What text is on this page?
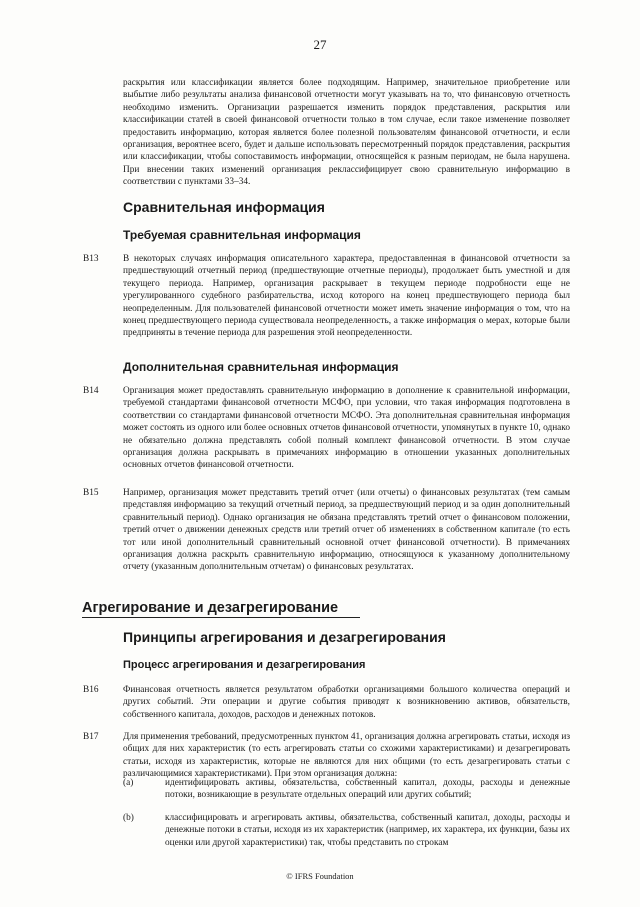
27

раскрытия или классификации является более подходящим. Например, значительное приобретение или выбытие либо результаты анализа финансовой отчетности могут указывать на то, что финансовую отчетность необходимо изменить. Организации разрешается изменить порядок представления, раскрытия или классификации статей в своей финансовой отчетности только в том случае, если такое изменение позволяет предоставить информацию, которая является более полезной пользователям финансовой отчетности, и если организация, вероятнее всего, будет и дальше использовать пересмотренный порядок представления, раскрытия или классификации, чтобы сопоставимость информации, относящейся к разным периодам, не была нарушена. При внесении таких изменений организация реклассифицирует свою сравнительную информацию в соответствии с пунктами 33–34.

Сравнительная информация
Требуемая сравнительная информация
B13	В некоторых случаях информация описательного характера, предоставленная в финансовой отчетности за предшествующий отчетный период (предшествующие отчетные периоды), продолжает быть уместной и для текущего периода. Например, организация раскрывает в текущем периоде подробности еще не урегулированного судебного разбирательства, исход которого на конец предшествующего периода был неопределенным. Для пользователей финансовой отчетности может иметь значение информация о том, что на конец предшествующего периода существовала неопределенность, а также информация о мерах, которые были предприняты в течение периода для разрешения этой неопределенности.

Дополнительная сравнительная информация
B14	Организация может предоставлять сравнительную информацию в дополнение к сравнительной информации, требуемой стандартами финансовой отчетности МСФО, при условии, что такая информация подготовлена в соответствии со стандартами финансовой отчетности МСФО. Эта дополнительная сравнительная информация может состоять из одного или более основных отчетов финансовой отчетности, упомянутых в пункте 10, однако не обязательно должна представлять собой полный комплект финансовой отчетности. В этом случае организация должна раскрывать в примечаниях информацию в отношении указанных дополнительных основных отчетов финансовой отчетности.

B15	Например, организация может представить третий отчет (или отчеты) о финансовых результатах (тем самым представляя информацию за текущий отчетный период, за предшествующий период и за один дополнительный сравнительный период). Однако организация не обязана представлять третий отчет о финансовом положении, третий отчет о движении денежных средств или третий отчет об изменениях в собственном капитале (то есть тот или иной дополнительный сравнительный основной отчет финансовой отчетности). В примечаниях организация должна раскрыть сравнительную информацию, относящуюся к указанному дополнительному отчету (указанным дополнительным отчетам) о финансовых результатах.

Агрегирование и дезагрегирование
Принципы агрегирования и дезагрегирования
Процесс агрегирования и дезагрегирования
B16	Финансовая отчетность является результатом обработки организациями большого количества операций и других событий. Эти операции и другие события приводят к возникновению активов, обязательств, собственного капитала, доходов, расходов и денежных потоков.

B17	Для применения требований, предусмотренных пунктом 41, организация должна агрегировать статьи, исходя из общих для них характеристик (то есть агрегировать статьи со схожими характеристиками) и дезагрегировать статьи, исходя из характеристик, которые не являются для них общими (то есть дезагрегировать статьи с различающимися характеристиками). При этом организация должна:

(a)	идентифицировать активы, обязательства, собственный капитал, доходы, расходы и денежные потоки, возникающие в результате отдельных операций или других событий;

(b)	классифицировать и агрегировать активы, обязательства, собственный капитал, доходы, расходы и денежные потоки в статьи, исходя из их характеристик (например, их характера, их функции, базы их оценки или другой характеристики) так, чтобы представить по строкам

© IFRS Foundation
